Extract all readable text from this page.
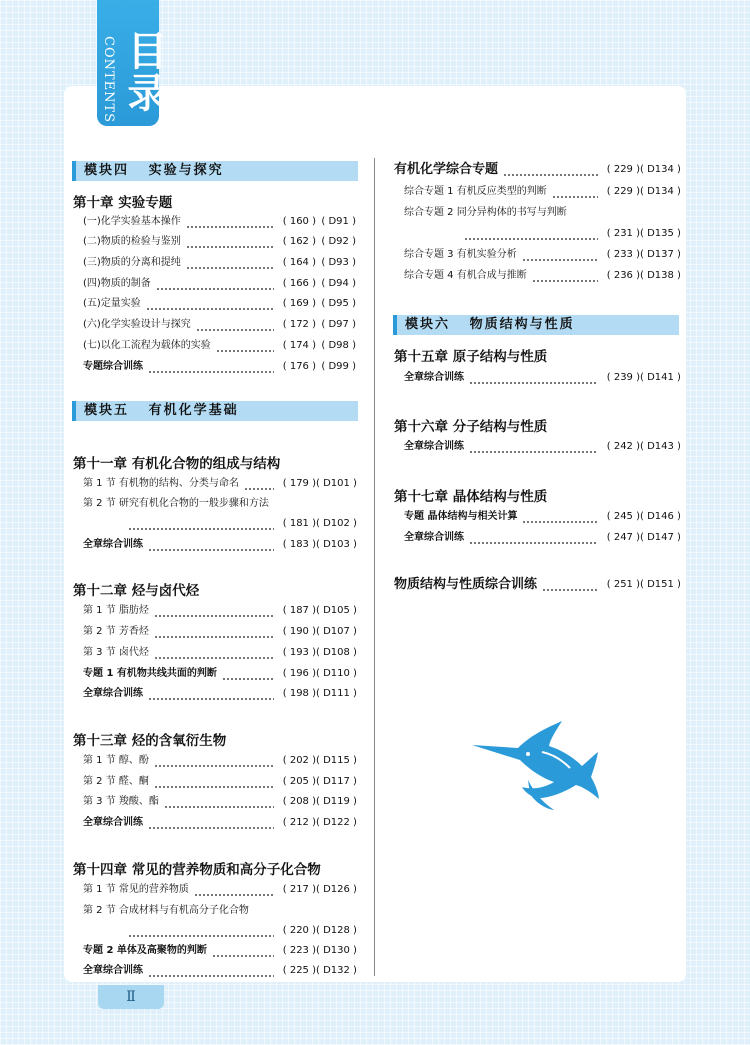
目录
CONTENTS
模块四   实验与探究
第十章 实验专题
(一)化学实验基本操作	( 160 ) ( D91 )
(二)物质的检验与鉴别	( 162 ) ( D92 )
(三)物质的分离和提纯	( 164 ) ( D93 )
(四)物质的制备	( 166 ) ( D94 )
(五)定量实验	( 169 ) ( D95 )
(六)化学实验设计与探究	( 172 ) ( D97 )
(七)以化工流程为载体的实验	( 174 ) ( D98 )
专题综合训练	( 176 ) ( D99 )
模块五   有机化学基础
第十一章 有机化合物的组成与结构
第 1 节 有机物的结构、分类与命名	( 179 ) ( D101 )
第 2 节 研究有机化合物的一般步骤和方法
( 181 ) ( D102 )
全章综合训练	( 183 ) ( D103 )
第十二章 烃与卤代烃
第 1 节 脂肪烃	( 187 ) ( D105 )
第 2 节 芳香烃	( 190 ) ( D107 )
第 3 节 卤代烃	( 193 ) ( D108 )
专题 1 有机物共线共面的判断	( 196 ) ( D110 )
全章综合训练	( 198 ) ( D111 )
第十三章 烃的含氧衍生物
第 1 节 醇、酚	( 202 ) ( D115 )
第 2 节 醛、酮	( 205 ) ( D117 )
第 3 节 羧酸、酯	( 208 ) ( D119 )
全章综合训练	( 212 ) ( D122 )
第十四章 常见的营养物质和高分子化合物
第 1 节 常见的营养物质	( 217 ) ( D126 )
第 2 节 合成材料与有机高分子化合物
( 220 ) ( D128 )
专题 2 单体及高聚物的判断	( 223 ) ( D130 )
全章综合训练	( 225 ) ( D132 )
有机化学综合专题	( 229 ) ( D134 )
综合专题 1 有机反应类型的判断	( 229 ) ( D134 )
综合专题 2 同分异构体的书写与判断
( 231 ) ( D135 )
综合专题 3 有机实验分析	( 233 ) ( D137 )
综合专题 4 有机合成与推断	( 236 ) ( D138 )
模块六   物质结构与性质
第十五章 原子结构与性质
全章综合训练	( 239 ) ( D141 )
第十六章 分子结构与性质
全章综合训练	( 242 ) ( D143 )
第十七章 晶体结构与性质
专题 晶体结构与相关计算	( 245 ) ( D146 )
全章综合训练	( 247 ) ( D147 )
物质结构与性质综合训练	( 251 ) ( D151 )
Ⅱ
